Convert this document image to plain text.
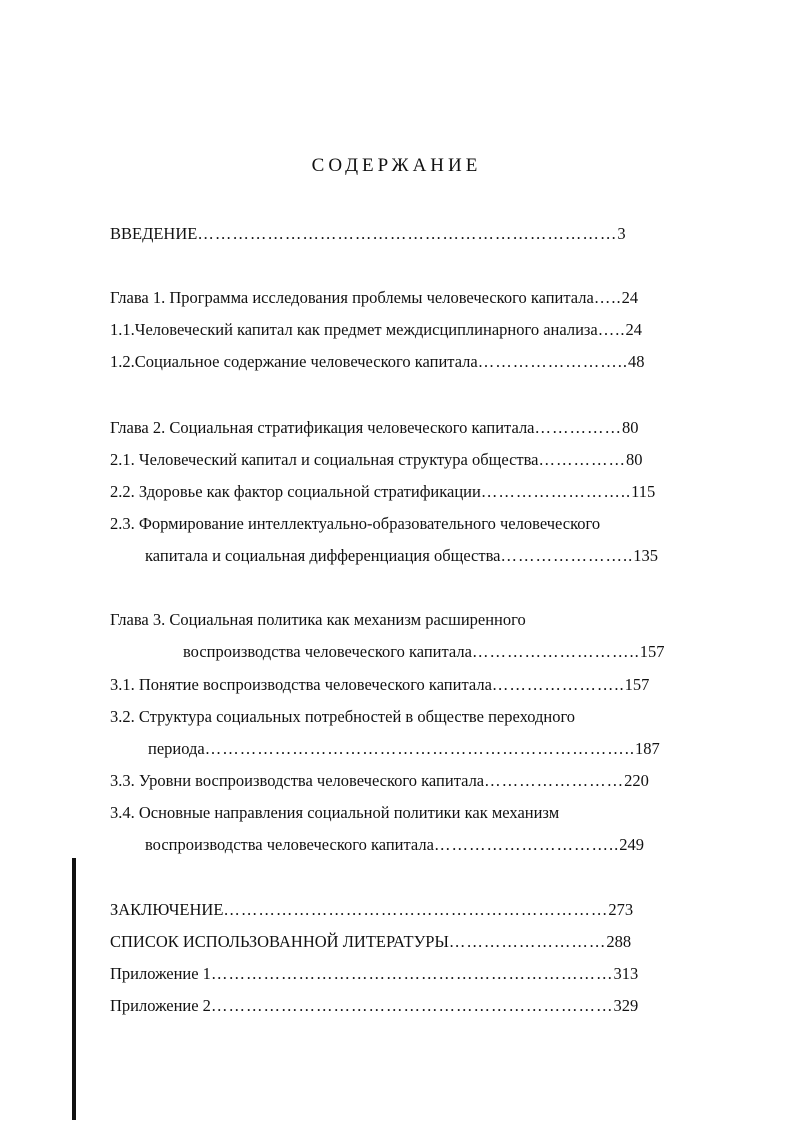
СОДЕРЖАНИЕ
ВВЕДЕНИЕ………………………………………………………………3
Глава 1. Программа исследования проблемы человеческого капитала…..24
1.1.Человеческий капитал как предмет междисциплинарного анализа…..24
1.2.Социальное содержание человеческого капитала……………………..48
Глава 2. Социальная стратификация человеческого капитала……………80
2.1. Человеческий капитал и социальная структура общества……………80
2.2. Здоровье как фактор социальной стратификации……………………..115
2.3. Формирование интеллектуально-образовательного человеческого
капитала и социальная дифференциация общества…………………..135
Глава 3. Социальная политика как механизм расширенного
воспроизводства человеческого капитала………………………..157
3.1. Понятие воспроизводства человеческого капитала…………………..157
3.2. Структура социальных потребностей в обществе переходного
периода………………………………………………………………..187
3.3. Уровни воспроизводства человеческого капитала……………………220
3.4. Основные направления социальной политики как механизм
воспроизводства человеческого капитала…………………………..249
ЗАКЛЮЧЕНИЕ…………………………………………………………273
СПИСОК ИСПОЛЬЗОВАННОЙ ЛИТЕРАТУРЫ………………………288
Приложение 1……………………………………………………………313
Приложение 2……………………………………………………………329
